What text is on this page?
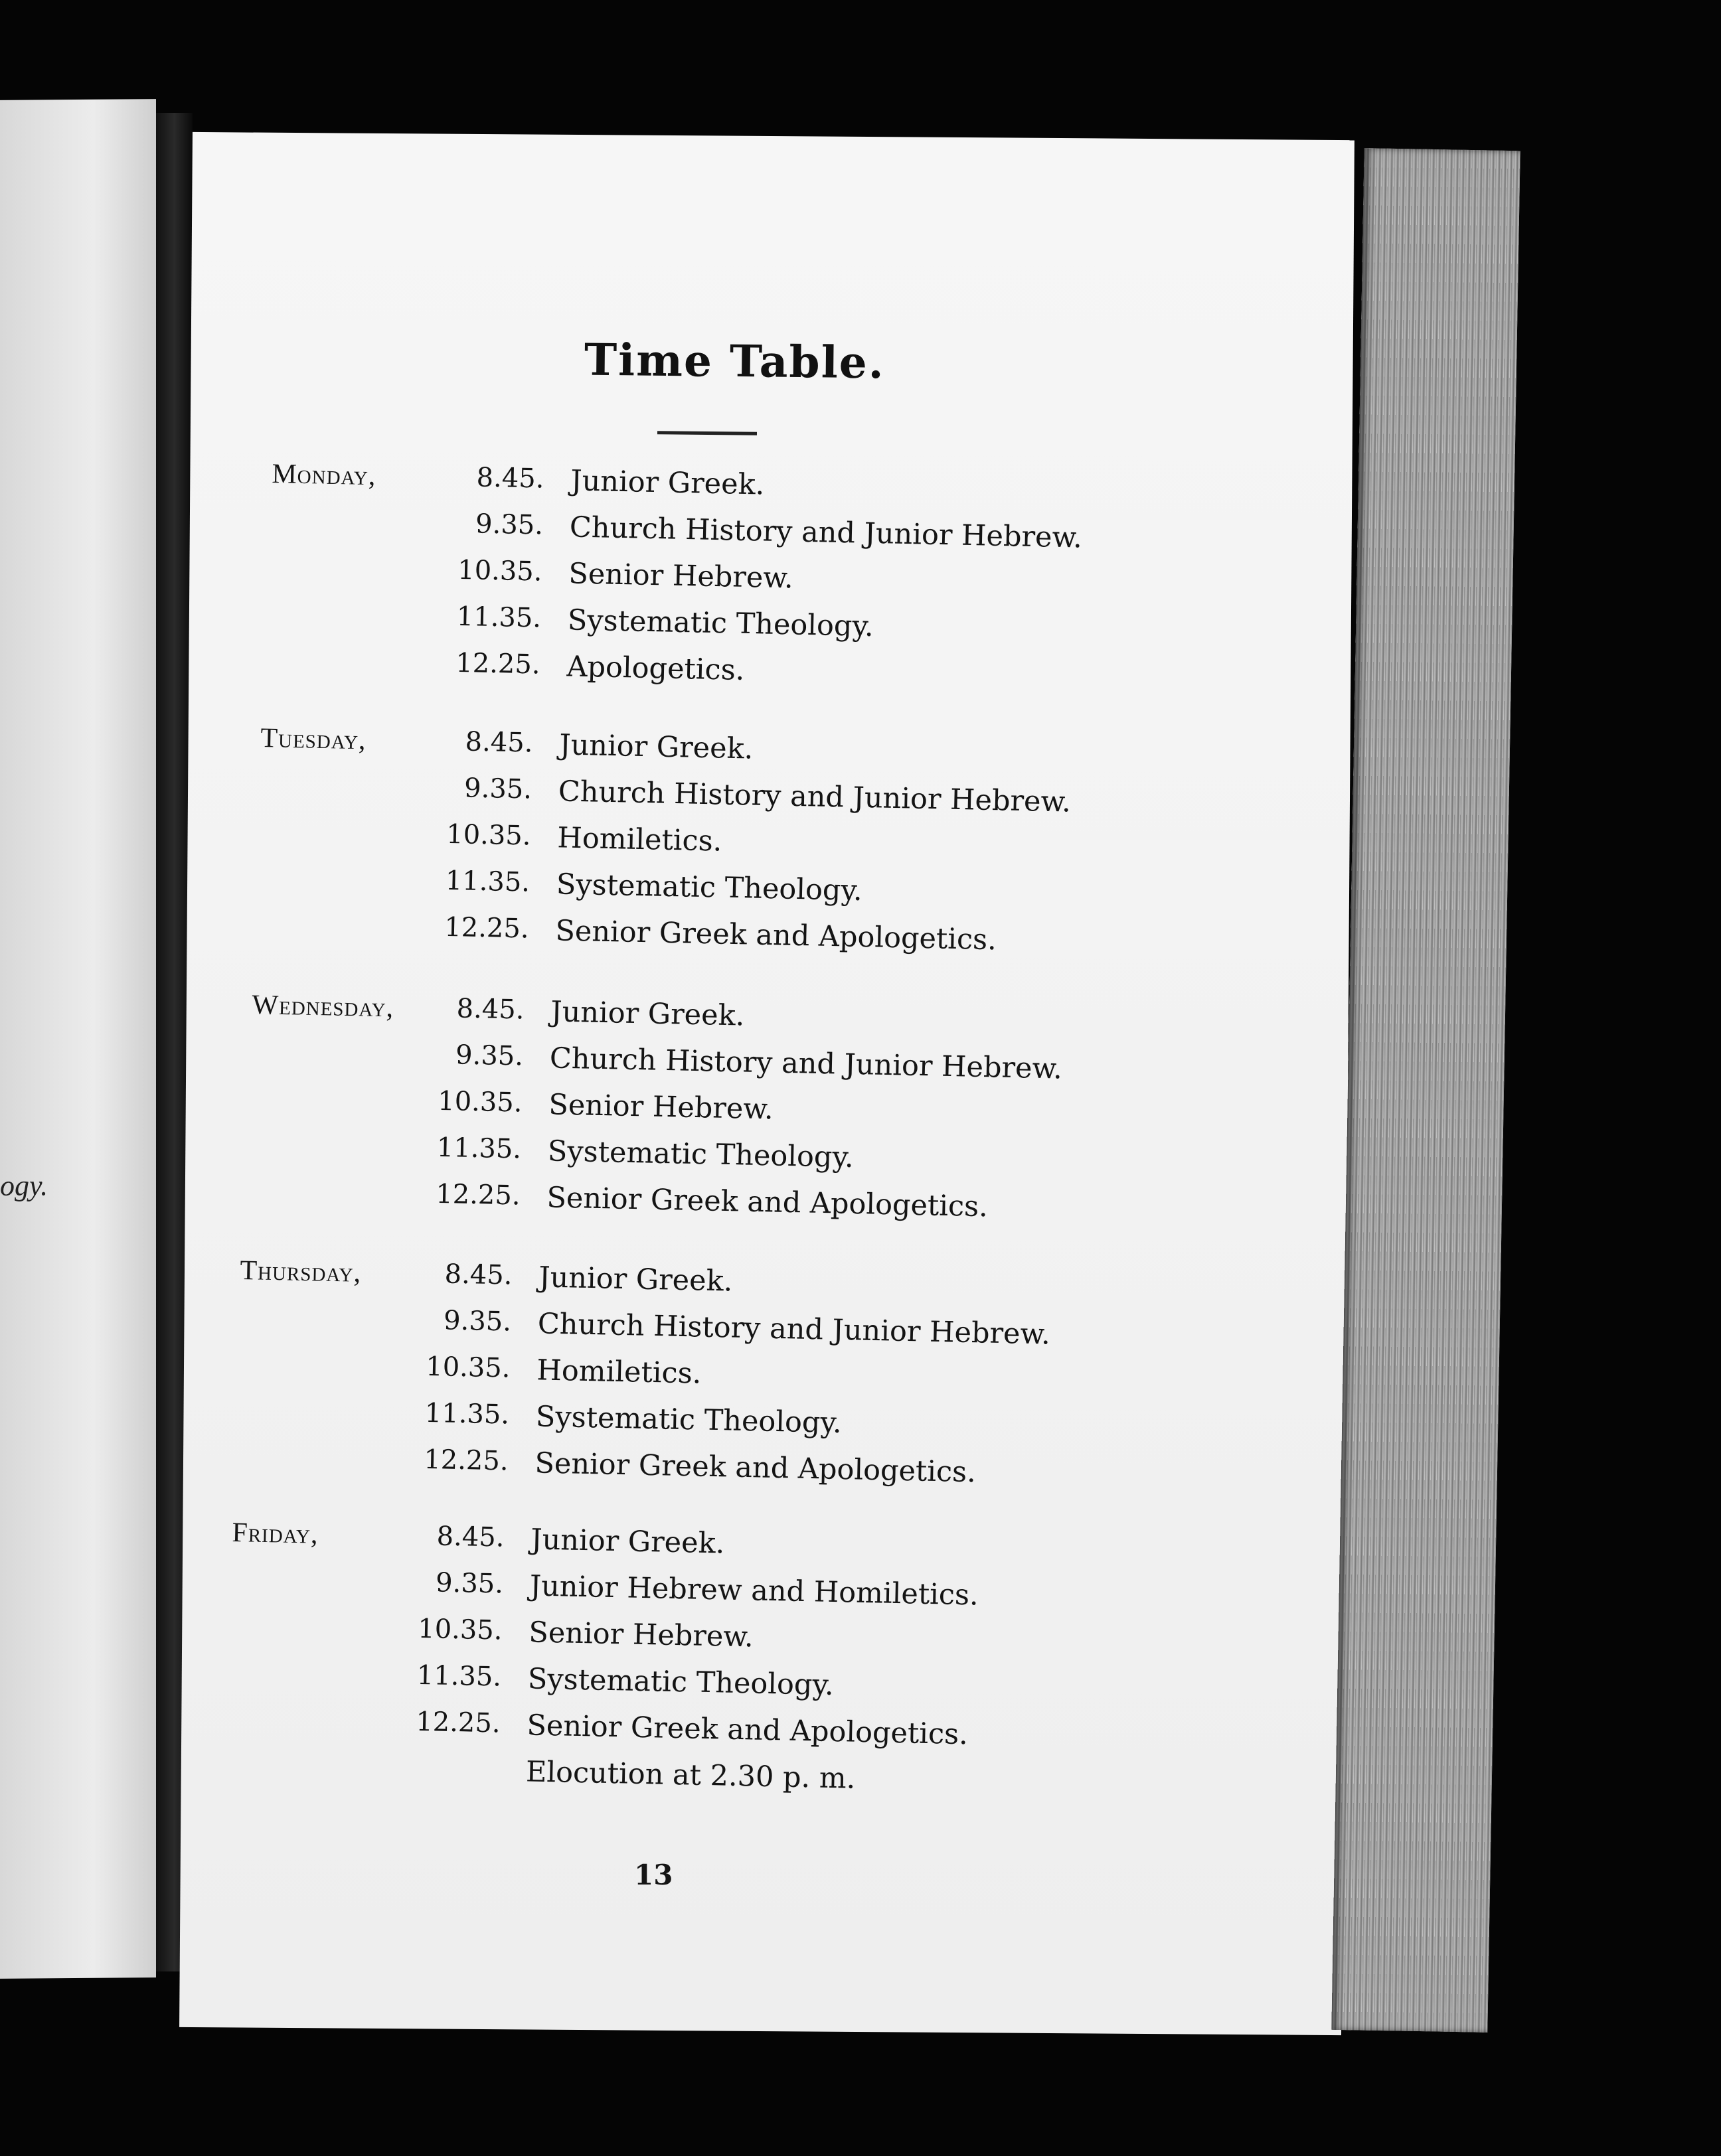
ogy.
Time Table.
Monday,	8.45. Junior Greek.
9.35. Church History and Junior Hebrew.
10.35. Senior Hebrew.
11.35. Systematic Theology.
12.25. Apologetics.
Tuesday,	8.45. Junior Greek.
9.35. Church History and Junior Hebrew.
10.35. Homiletics.
11.35. Systematic Theology.
12.25. Senior Greek and Apologetics.
Wednesday,	8.45. Junior Greek.
9.35. Church History and Junior Hebrew.
10.35. Senior Hebrew.
11.35. Systematic Theology.
12.25. Senior Greek and Apologetics.
Thursday,	8.45. Junior Greek.
9.35. Church History and Junior Hebrew.
10.35. Homiletics.
11.35. Systematic Theology.
12.25. Senior Greek and Apologetics.
Friday,	8.45. Junior Greek.
9.35. Junior Hebrew and Homiletics.
10.35. Senior Hebrew.
11.35. Systematic Theology.
12.25. Senior Greek and Apologetics.
Elocution at 2.30 p. m.
13
